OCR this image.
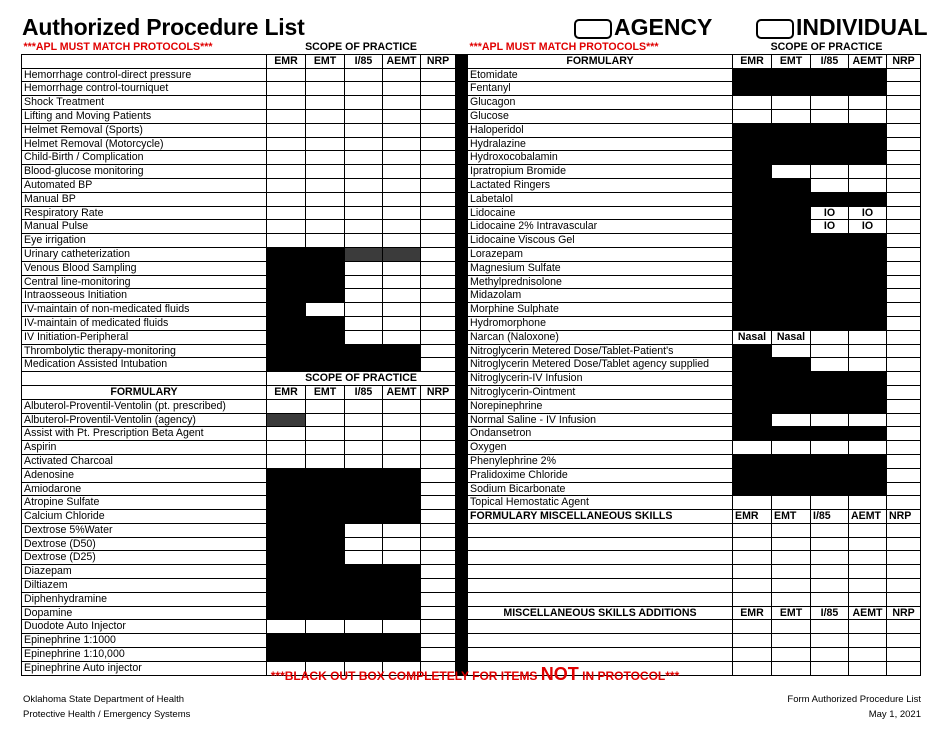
Authorized Procedure List	AGENCY	INDIVIDUAL
***APL MUST MATCH PROTOCOLS***	SCOPE OF PRACTICE					
	EMR	EMT	I/85	AEMT	NRP	
Hemorrhage control-direct pressure						
Hemorrhage control-tourniquet						
Shock Treatment						
Lifting and Moving Patients						
Helmet Removal (Sports)						
Helmet Removal (Motorcycle)						
Child-Birth / Complication						
Blood-glucose monitoring						
Automated BP						
Manual BP						
Respiratory Rate						
Manual Pulse						
Eye irrigation						
Urinary catheterization						
Venous Blood Sampling						
Central line-monitoring						
Intraosseous Initiation						
IV-maintain of non-medicated fluids						
IV-maintain of medicated fluids						
IV Initiation-Peripheral						
Thrombolytic therapy-monitoring						
Medication Assisted Intubation						
	SCOPE OF PRACTICE					
FORMULARY	EMR	EMT	I/85	AEMT	NRP	
Albuterol-Proventil-Ventolin (pt. prescribed)						
Albuterol-Proventil-Ventolin (agency)						
Assist with Pt. Prescription Beta Agent						
Aspirin						
Activated Charcoal						
Adenosine						
Amiodarone						
Atropine Sulfate						
Calcium Chloride						
Dextrose 5%Water						
Dextrose (D50)						
Dextrose (D25)						
Diazepam						
Diltiazem						
Diphenhydramine						
Dopamine						
Duodote Auto Injector						
Epinephrine 1:1000						
Epinephrine 1:10,000						
Epinephrine Auto injector						
***APL MUST MATCH PROTOCOLS***	SCOPE OF PRACTICE				
FORMULARY	EMR	EMT	I/85	AEMT	NRP
Etomidate					
Fentanyl					
Glucagon					
Glucose					
Haloperidol					
Hydralazine					
Hydroxocobalamin					
Ipratropium Bromide					
Lactated Ringers					
Labetalol					
Lidocaine			IO	IO	
Lidocaine 2% Intravascular			IO	IO	
Lidocaine Viscous Gel					
Lorazepam					
Magnesium Sulfate					
Methylprednisolone					
Midazolam					
Morphine Sulphate					
Hydromorphone					
Narcan (Naloxone)	Nasal	Nasal			
Nitroglycerin Metered Dose/Tablet-Patient's					
Nitroglycerin Metered Dose/Tablet agency supplied					
Nitroglycerin-IV Infusion					
Nitroglycerin-Ointment					
Norepinephrine					
Normal Saline - IV Infusion					
Ondansetron					
Oxygen					
Phenylephrine 2%					
Pralidoxime Chloride					
Sodium Bicarbonate					
Topical Hemostatic Agent					
FORMULARY MISCELLANEOUS SKILLS	EMR	EMT	I/85	AEMT	NRP

MISCELLANEOUS SKILLS ADDITIONS	EMR	EMT	I/85	AEMT	NRP

***BLACK OUT BOX COMPLETELY FOR ITEMS NOT IN PROTOCOL***
Oklahoma State Department of Health
Protective Health / Emergency Systems
Form Authorized Procedure List
May 1, 2021
